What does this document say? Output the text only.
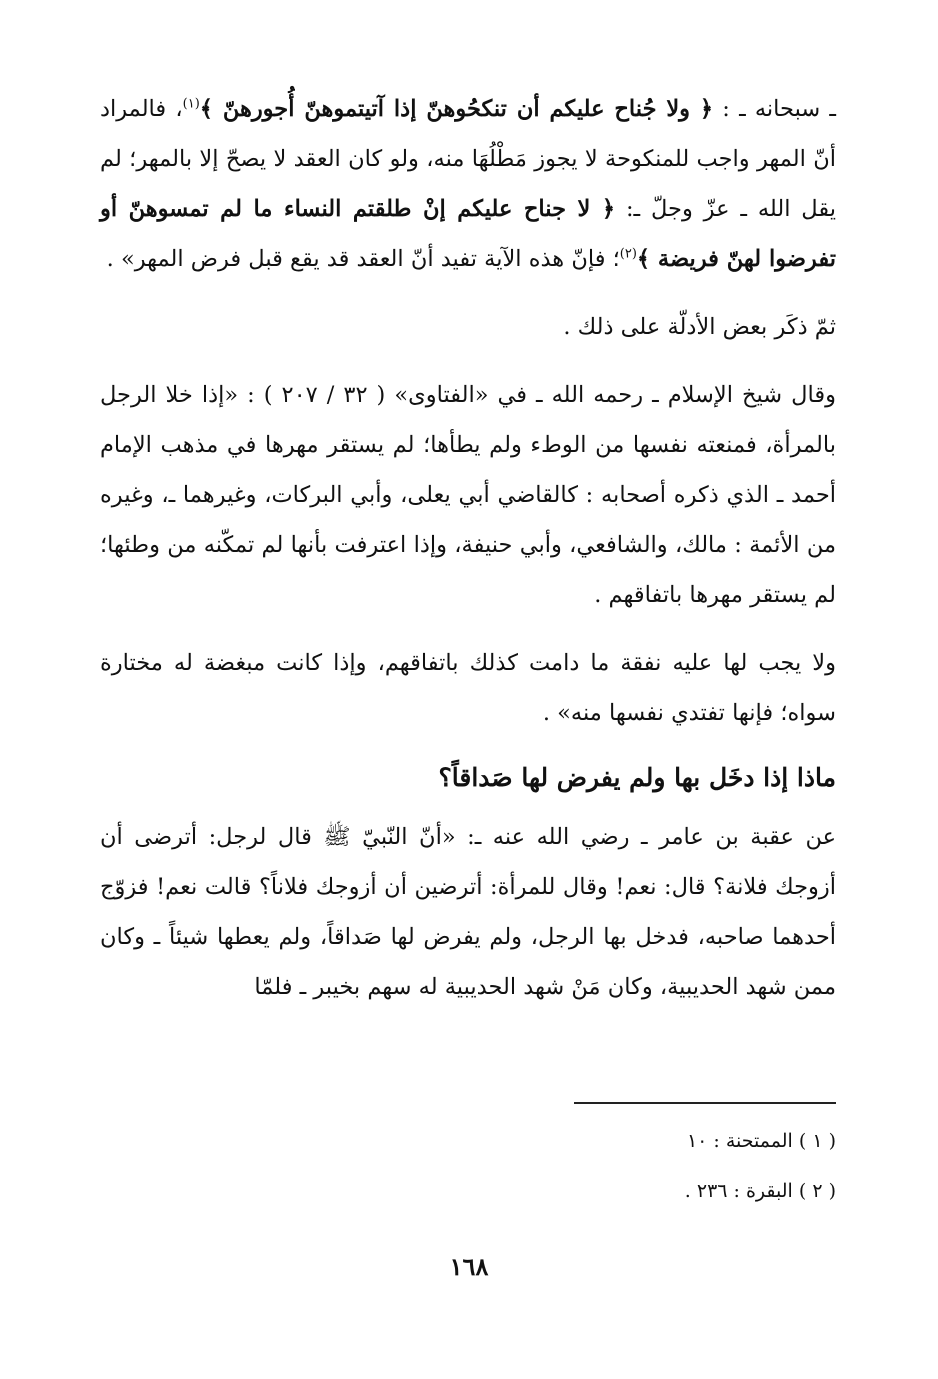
ـ سبحانه ـ : ﴿ ولا جُناح عليكم أن تنكحُوهنّ إذا آتيتموهنّ أُجورهنّ ﴾$^{(١)}$، فالمراد أنّ المهر واجب للمنكوحة لا يجوز مَطْلُهَا منه، ولو كان العقد لا يصحّ إلا بالمهر؛ لم يقل الله ـ عزّ وجلّ ـ: ﴿ لا جناح عليكم إنْ طلقتم النساء ما لم تمسوهنّ أو تفرضوا لهنّ فريضة ﴾$^{(٢)}$؛ فإنّ هذه الآية تفيد أنّ العقد قد يقع قبل فرض المهر» .

ثمّ ذكَر بعض الأدلّة على ذلك .

وقال شيخ الإسلام ـ رحمه الله ـ في «الفتاوى» ( ٣٢ / ٢٠٧ ) : «إذا خلا الرجل بالمرأة، فمنعته نفسها من الوطء ولم يطأها؛ لم يستقر مهرها في مذهب الإمام أحمد ـ الذي ذكره أصحابه : كالقاضي أبي يعلى، وأبي البركات، وغيرهما ـ، وغيره من الأئمة : مالك، والشافعي، وأبي حنيفة، وإذا اعترفت بأنها لم تمكّنه من وطئها؛ لم يستقر مهرها باتفاقهم .

ولا يجب لها عليه نفقة ما دامت كذلك باتفاقهم، وإذا كانت مبغضة له مختارة سواه؛ فإنها تفتدي نفسها منه» .

ماذا إذا دخَل بها ولم يفرض لها صَداقاً؟

عن عقبة بن عامر ـ رضي الله عنه ـ: «أنّ النّبيّ ﷺ قال لرجل: أترضى أن أزوجك فلانة؟ قال: نعم! وقال للمرأة: أترضين أن أزوجك فلاناً؟ قالت نعم! فزوّج أحدهما صاحبه، فدخل بها الرجل، ولم يفرض لها صَداقاً، ولم يعطها شيئاً ـ وكان ممن شهد الحديبية، وكان مَنْ شهد الحديبية له سهم بخيبر ـ فلمّا

( ١ ) الممتحنة : ١٠

( ٢ ) البقرة : ٢٣٦ .

١٦٨
